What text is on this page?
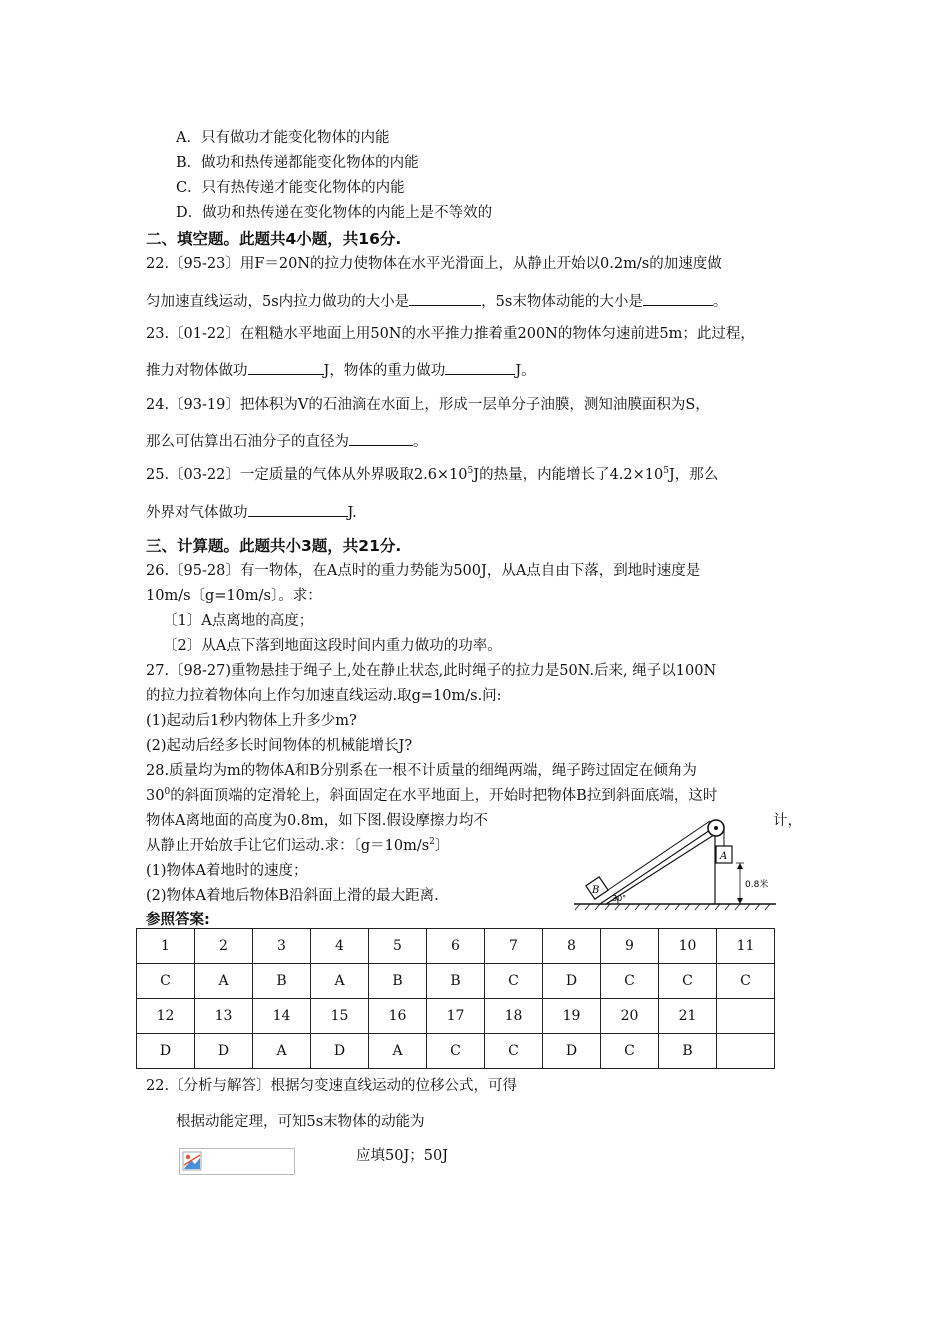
A．只有做功才能变化物体的内能
B．做功和热传递都能变化物体的内能
C．只有热传递才能变化物体的内能
D．做功和热传递在变化物体的内能上是不等效的
二、填空题。此题共4小题，共16分.
22.〔95-23〕用F＝20N的拉力使物体在水平光滑面上，从静止开始以0.2m/s的加速度做
匀加速直线运动，5s内拉力做功的大小是	，5s末物体动能的大小是	。
23.〔01-22〕在粗糙水平地面上用50N的水平推力推着重200N的物体匀速前进5m；此过程，
推力对物体做功	J，物体的重力做功	J。
24.〔93-19〕把体积为V的石油滴在水面上，形成一层单分子油膜，测知油膜面积为S，
那么可估算出石油分子的直径为	。
25.〔03-22〕一定质量的气体从外界吸取$2.6\times 10^5J$的热量，内能增长了$4.2\times 10^5J$，那么
外界对气体做功	J.
三、计算题。此题共小3题，共21分.
26.〔95-28〕有一物体，在A点时的重力势能为500J，从A点自由下落，到地时速度是
10m/s〔g=10m/s〕。求：
〔1〕A点离地的高度；
〔2〕从A点下落到地面这段时间内重力做功的功率。
27.〔98-27)重物悬挂于绳子上,处在静止状态,此时绳子的拉力是50N.后来, 绳子以100N
的拉力拉着物体向上作匀加速直线运动.取g=10m/s.问:
(1)起动后1秒内物体上升多少m?
(2)起动后经多长时间物体的机械能增长J?
28.质量均为m的物体A和B分别系在一根不计质量的细绳两端，绳子跨过固定在倾角为
$30^0$的斜面顶端的定滑轮上，斜面固定在水平地面上，开始时把物体B拉到斜面底端，这时
物体A离地面的高度为0.8m，如下图.假设摩擦力均不	计，
从静止开始放手让它们运动.求：〔$g=10m/s^2$〕
(1)物体A着地时的速度；
(2)物体A着地后物体B沿斜面上滑的最大距离.
A
B
30°
0.8米
参照答案:
1	2	3	4	5	6	7	8	9	10	11
C	A	B	A	B	B	C	D	C	C	C
12	13	14	15	16	17	18	19	20	21	
D	D	A	D	A	C	C	D	C	B	
22.〔分析与解答〕根据匀变速直线运动的位移公式，可得
根据动能定理，可知5s末物体的动能为
应填50J；50J
